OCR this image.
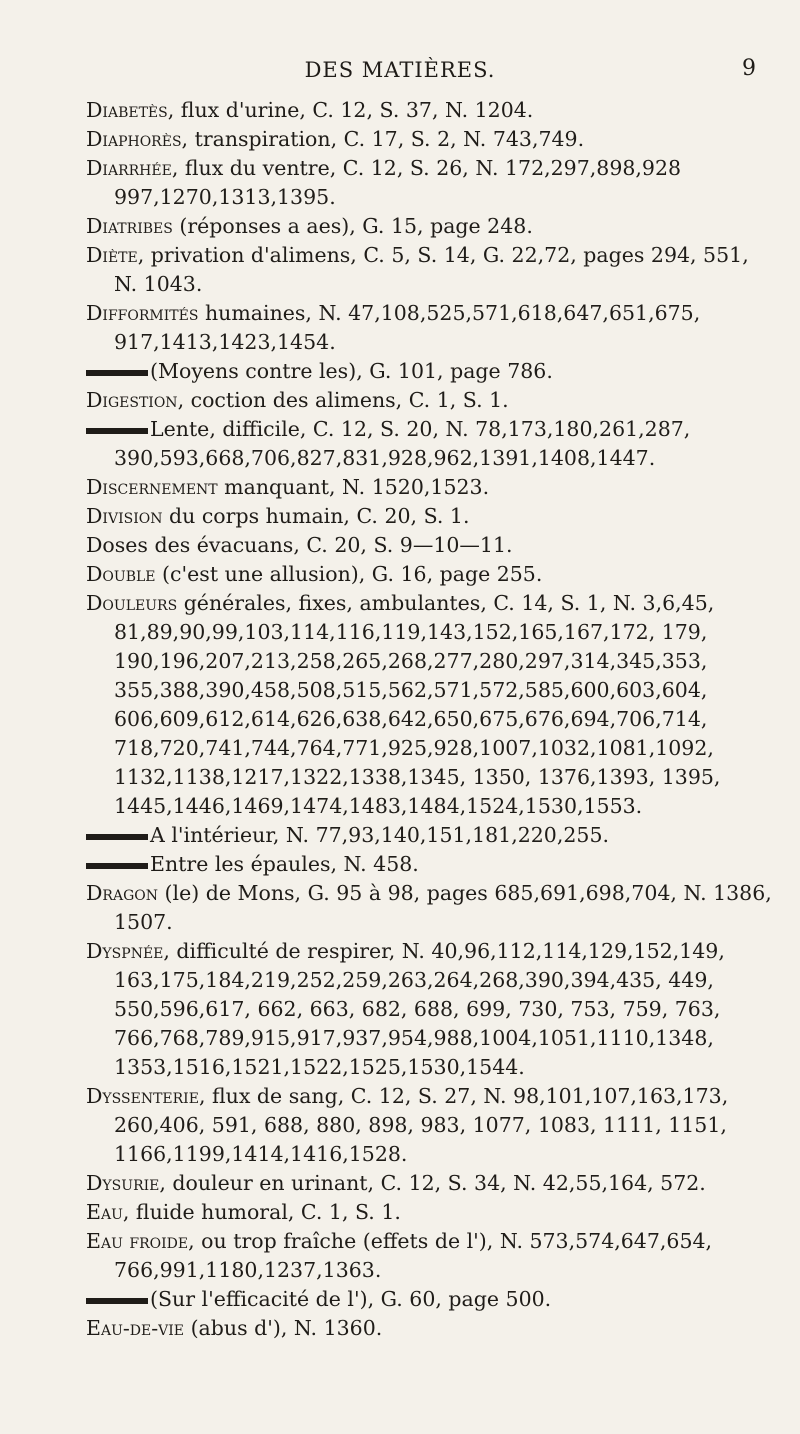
DES MATIÈRES.	9

Diabetès, flux d'urine, C. 12, S. 37, N. 1204.

Diaphorès, transpiration, C. 17, S. 2, N. 743,749.

Diarrhée, flux du ventre, C. 12, S. 26, N. 172,297,898,928 997,1270,1313,1395.

Diatribes (réponses a aes), G. 15, page 248.

Diète, privation d'alimens, C. 5, S. 14, G. 22,72, pages 294, 551, N. 1043.

Difformités humaines, N. 47,108,525,571,618,647,651,675, 917,1413,1423,1454.

(Moyens contre les), G. 101, page 786.

Digestion, coction des alimens, C. 1, S. 1.

Lente, difficile, C. 12, S. 20, N. 78,173,180,261,287, 390,593,668,706,827,831,928,962,1391,1408,1447.

Discernement manquant, N. 1520,1523.

Division du corps humain, C. 20, S. 1.

Doses des évacuans, C. 20, S. 9—10—11.

Double (c'est une allusion), G. 16, page 255.

Douleurs générales, fixes, ambulantes, C. 14, S. 1, N. 3,6,45, 81,89,90,99,103,114,116,119,143,152,165,167,172, 179, 190,196,207,213,258,265,268,277,280,297,314,345,353, 355,388,390,458,508,515,562,571,572,585,600,603,604, 606,609,612,614,626,638,642,650,675,676,694,706,714, 718,720,741,744,764,771,925,928,1007,1032,1081,1092, 1132,1138,1217,1322,1338,1345, 1350, 1376,1393, 1395, 1445,1446,1469,1474,1483,1484,1524,1530,1553.

A l'intérieur, N. 77,93,140,151,181,220,255.

Entre les épaules, N. 458.

Dragon (le) de Mons, G. 95 à 98, pages 685,691,698,704, N. 1386, 1507.

Dyspnée, difficulté de respirer, N. 40,96,112,114,129,152,149, 163,175,184,219,252,259,263,264,268,390,394,435, 449, 550,596,617, 662, 663, 682, 688, 699, 730, 753, 759, 763, 766,768,789,915,917,937,954,988,1004,1051,1110,1348, 1353,1516,1521,1522,1525,1530,1544.

Dyssenterie, flux de sang, C. 12, S. 27, N. 98,101,107,163,173, 260,406, 591, 688, 880, 898, 983, 1077, 1083, 1111, 1151, 1166,1199,1414,1416,1528.

Dysurie, douleur en urinant, C. 12, S. 34, N. 42,55,164, 572.

Eau, fluide humoral, C. 1, S. 1.

Eau froide, ou trop fraîche (effets de l'), N. 573,574,647,654, 766,991,1180,1237,1363.

(Sur l'efficacité de l'), G. 60, page 500.

Eau-de-vie (abus d'), N. 1360.
